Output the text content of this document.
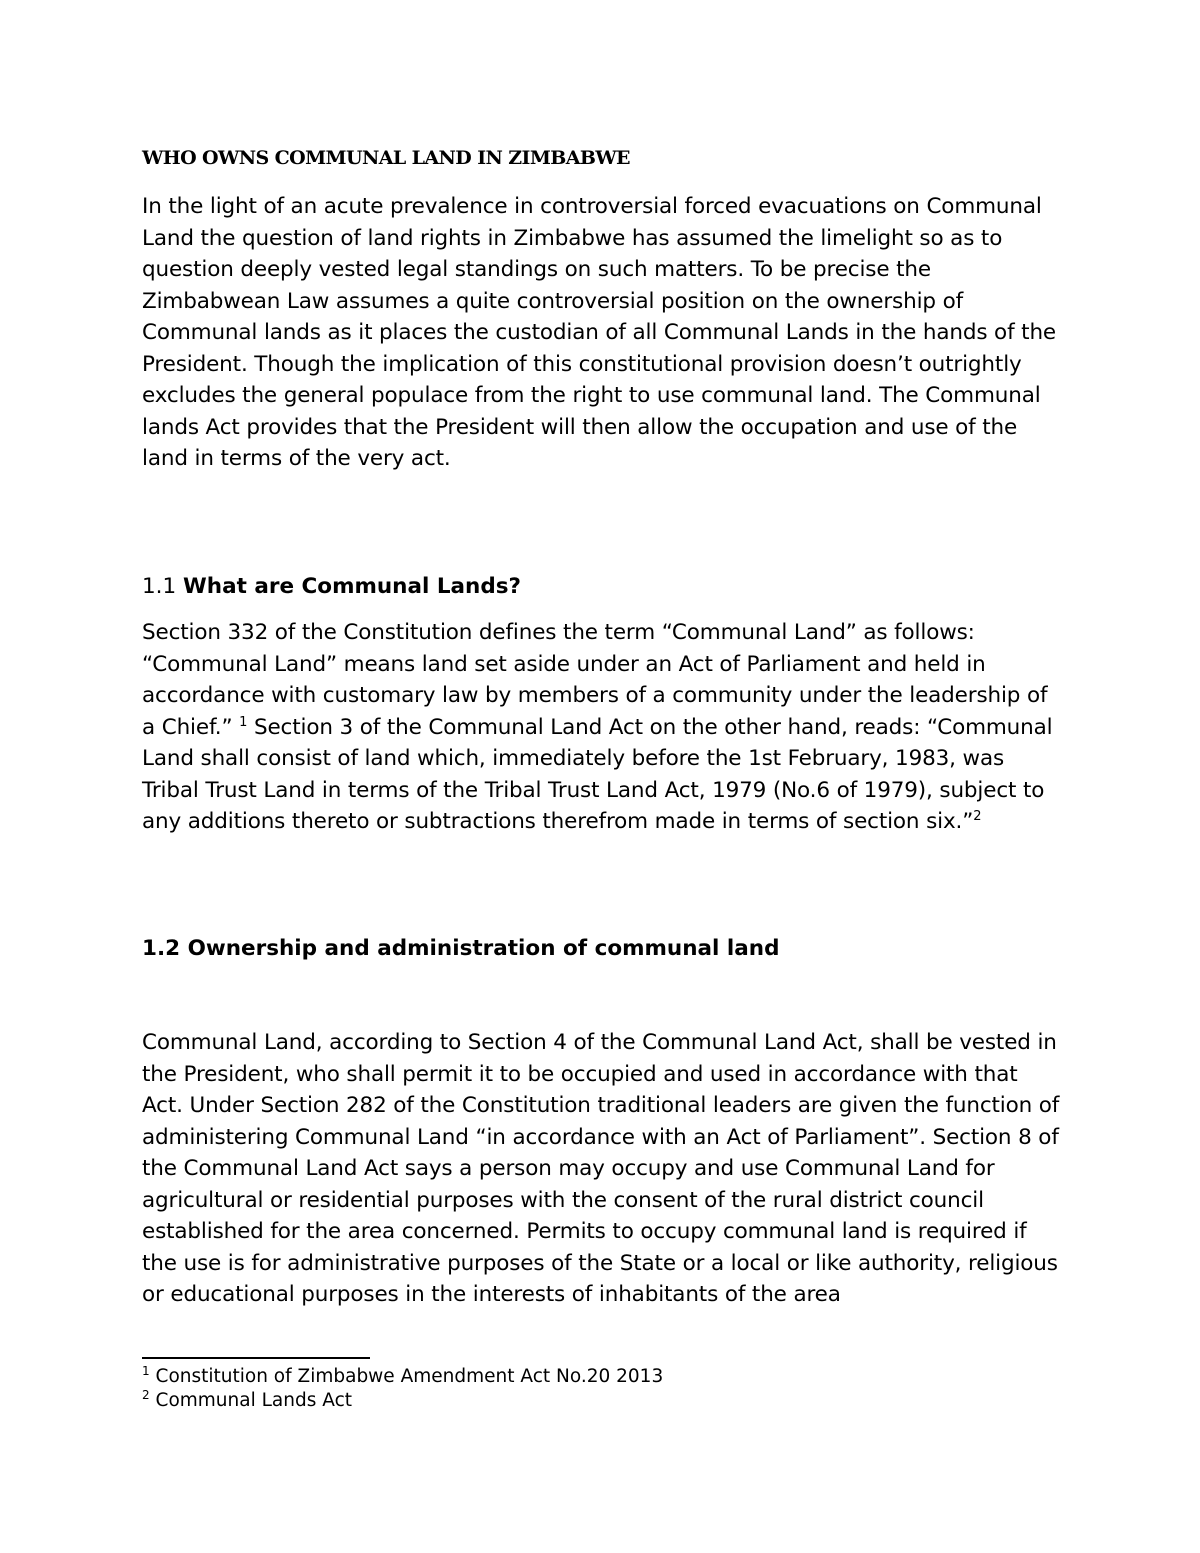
WHO OWNS COMMUNAL LAND IN ZIMBABWE

In the light of an acute prevalence in controversial forced evacuations on Communal Land the question of land rights in Zimbabwe has assumed the limelight so as to question deeply vested legal standings on such matters. To be precise the Zimbabwean Law assumes a quite controversial position on the ownership of Communal lands as it places the custodian of all Communal Lands in the hands of the President. Though the implication of this constitutional provision doesn’t outrightly excludes the general populace from the right to use communal land. The Communal lands Act provides that the President will then allow the occupation and use of the land in terms of the very act.

1.1 What are Communal Lands?

Section 332 of the Constitution defines the term “Communal Land” as follows: “Communal Land” means land set aside under an Act of Parliament and held in accordance with customary law by members of a community under the leadership of a Chief.” $^1$ Section 3 of the Communal Land Act on the other hand, reads: “Communal Land shall consist of land which, immediately before the 1st February, 1983, was Tribal Trust Land in terms of the Tribal Trust Land Act, 1979 (No.6 of 1979), subject to any additions thereto or subtractions therefrom made in terms of section six.”$^2$

1.2 Ownership and administration of communal land

Communal Land, according to Section 4 of the Communal Land Act, shall be vested in the President, who shall permit it to be occupied and used in accordance with that Act. Under Section 282 of the Constitution traditional leaders are given the function of administering Communal Land “in accordance with an Act of Parliament”. Section 8 of the Communal Land Act says a person may occupy and use Communal Land for agricultural or residential purposes with the consent of the rural district council established for the area concerned. Permits to occupy communal land is required if the use is for administrative purposes of the State or a local or like authority, religious or educational purposes in the interests of inhabitants of the area

$^1$ Constitution of Zimbabwe Amendment Act No.20 2013

$^2$ Communal Lands Act
